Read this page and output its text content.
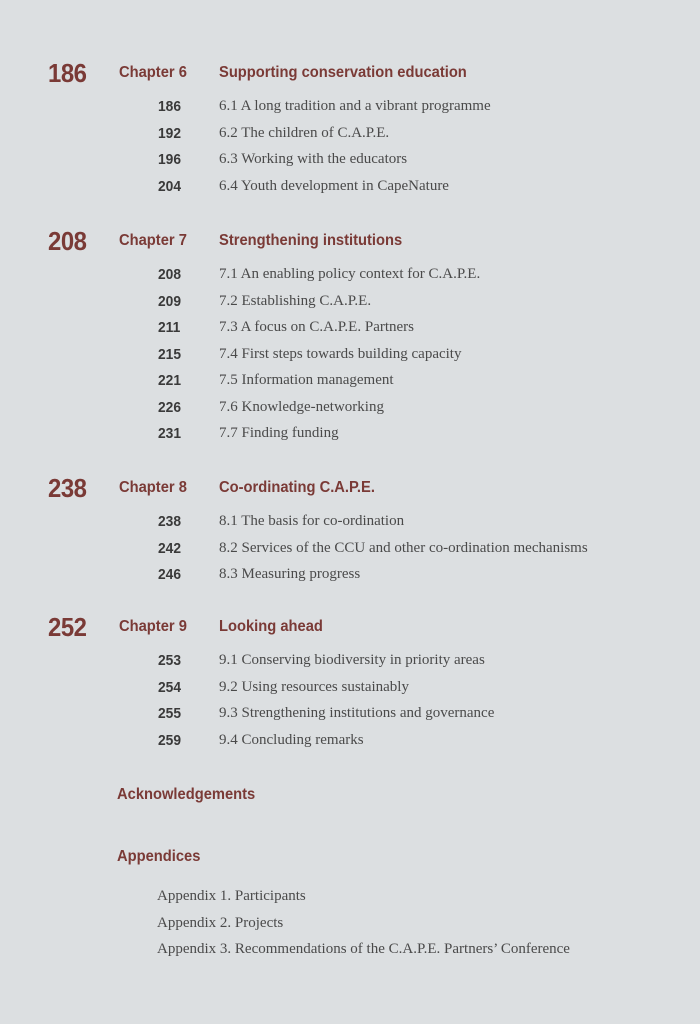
186 Chapter 6 Supporting conservation education
186	6.1 A long tradition and a vibrant programme
192	6.2 The children of C.A.P.E.
196	6.3 Working with the educators
204	6.4 Youth development in CapeNature
208 Chapter 7 Strengthening institutions
208	7.1 An enabling policy context for C.A.P.E.
209	7.2 Establishing C.A.P.E.
211	7.3 A focus on C.A.P.E. Partners
215	7.4 First steps towards building capacity
221	7.5 Information management
226	7.6 Knowledge-networking
231	7.7 Finding funding
238 Chapter 8 Co-ordinating C.A.P.E.
238	8.1 The basis for co-ordination
242	8.2 Services of the CCU and other co-ordination mechanisms
246	8.3 Measuring progress
252 Chapter 9 Looking ahead
253	9.1 Conserving biodiversity in priority areas
254	9.2 Using resources sustainably
255	9.3 Strengthening institutions and governance
259	9.4 Concluding remarks
Acknowledgements
Appendices
Appendix 1. Participants
Appendix 2. Projects
Appendix 3. Recommendations of the C.A.P.E. Partners’ Conference
